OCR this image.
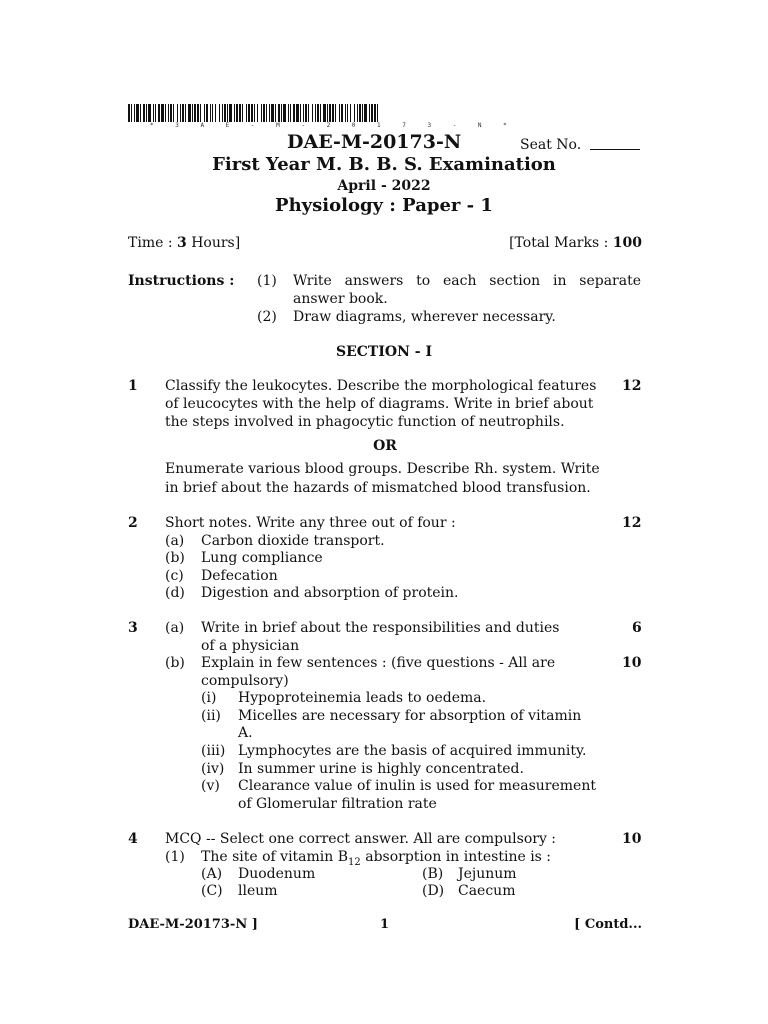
* 3 A E - M - 2 0 1 7 3 - N *
DAE-M-20173-N	Seat No.
First Year M. B. B. S. Examination
April - 2022
Physiology : Paper - 1
Time : 3 Hours]	[Total Marks : 100
Instructions : (1) Write answers to each section in separate
answer book.
(2) Draw diagrams, wherever necessary.
SECTION - I
1	12
Classify the leukocytes. Describe the morphological features
of leucocytes with the help of diagrams. Write in brief about
the steps involved in phagocytic function of neutrophils.
OR
Enumerate various blood groups. Describe Rh. system. Write
in brief about the hazards of mismatched blood transfusion.
2	12
Short notes. Write any three out of four :
(a) Carbon dioxide transport.
(b) Lung compliance
(c) Defecation
(d) Digestion and absorption of protein.
3 (a) Write in brief about the responsibilities and duties	6
of a physician
(b) Explain in few sentences : (five questions - All are	10
compulsory)
(i) Hypoproteinemia leads to oedema.
(ii) Micelles are necessary for absorption of vitamin
A.
(iii) Lymphocytes are the basis of acquired immunity.
(iv) In summer urine is highly concentrated.
(v) Clearance value of inulin is used for measurement
of Glomerular filtration rate
4 MCQ -- Select one correct answer. All are compulsory :	10
(1) The site of vitamin $B_{12}$ absorption in intestine is :
(A) Duodenum	(B) Jejunum
(C) lleum	(D) Caecum
DAE-M-20173-N ]	1	[ Contd...
